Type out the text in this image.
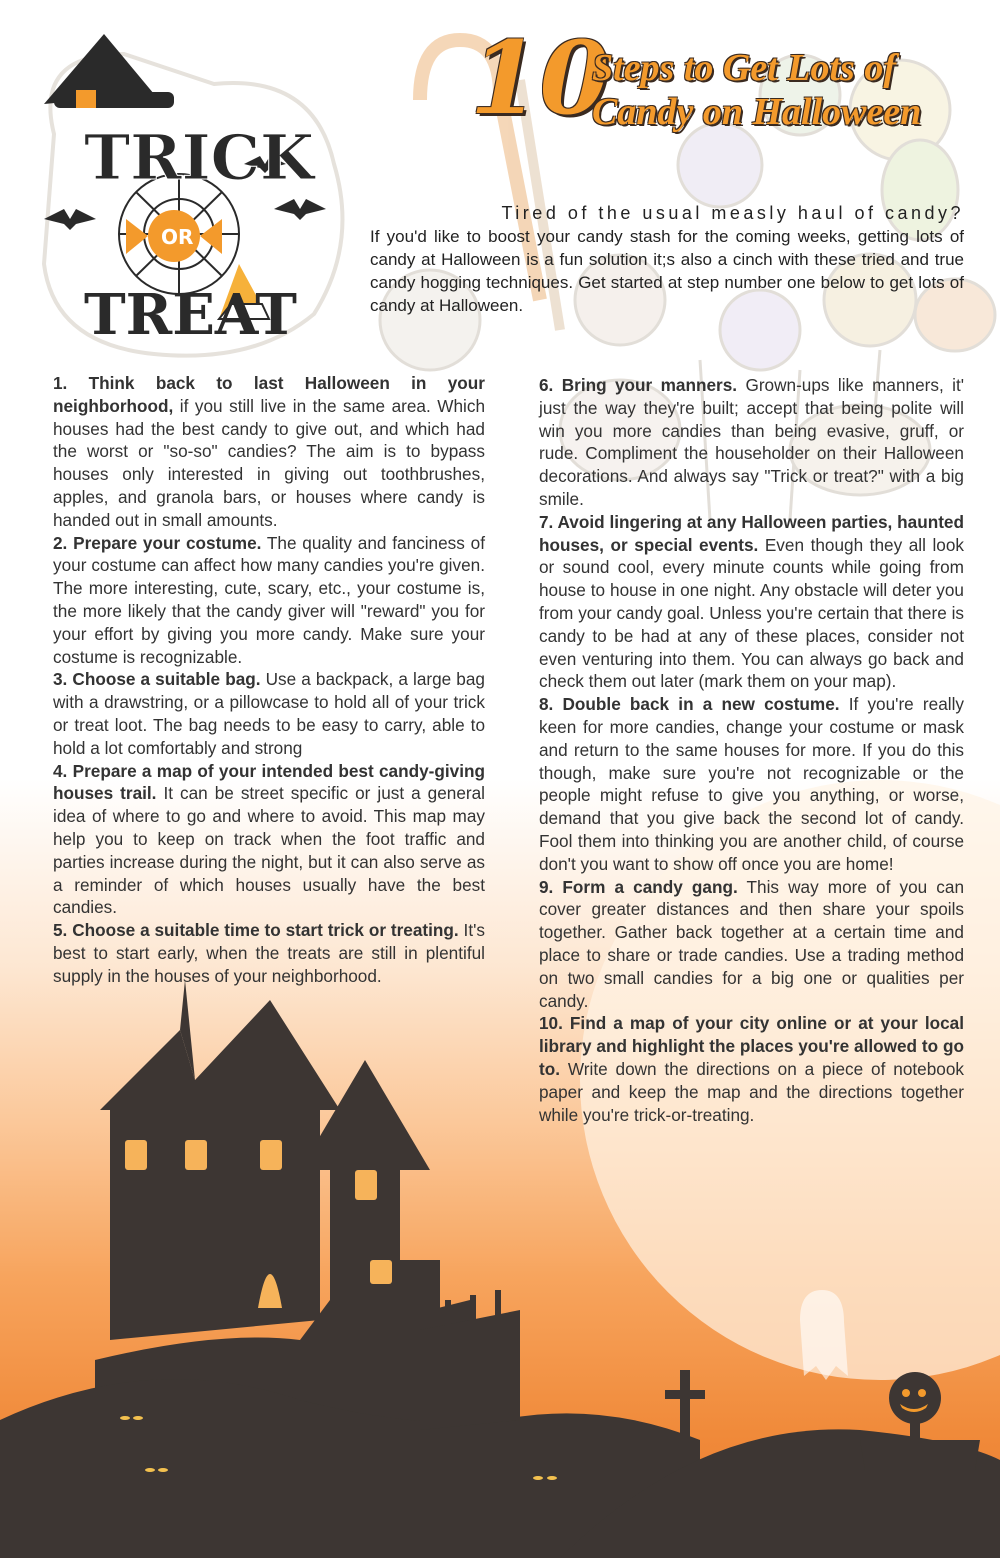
TRICK
OR
TREAT
10
Steps to Get Lots of
Candy on Halloween
Tired of the usual measly haul of candy?
If you'd like to boost your candy stash for the coming weeks, getting lots of candy at Halloween is a fun solution it;s also a cinch with these tried and true candy hogging techniques. Get started at step number one below to get lots of candy at Halloween.

1. Think back to last Halloween in your neighborhood, if you still live in the same area. Which houses had the best candy to give out, and which had the worst or "so-so" candies? The aim is to bypass houses only interested in giving out toothbrushes, apples, and granola bars, or houses where candy is handed out in small amounts.

2. Prepare your costume. The quality and fanciness of your costume can affect how many candies you're given. The more interesting, cute, scary, etc., your costume is, the more likely that the candy giver will "reward" you for your effort by giving you more candy. Make sure your costume is recognizable.

3. Choose a suitable bag. Use a backpack, a large bag with a drawstring, or a pillowcase to hold all of your trick or treat loot. The bag needs to be easy to carry, able to hold a lot comfortably and strong

4. Prepare a map of your intended best candy-giving houses trail. It can be street specific or just a general idea of where to go and where to avoid. This map may help you to keep on track when the foot traffic and parties increase during the night, but it can also serve as a reminder of which houses usually have the best candies.

5. Choose a suitable time to start trick or treating. It's best to start early, when the treats are still in plentiful supply in the houses of your neighborhood.

6. Bring your manners. Grown-ups like manners, it' just the way they're built; accept that being polite will win you more candies than being evasive, gruff, or rude. Compliment the householder on their Halloween decorations. And always say "Trick or treat?" with a big smile.

7. Avoid lingering at any Halloween parties, haunted houses, or special events. Even though they all look or sound cool, every minute counts while going from house to house in one night. Any obstacle will deter you from your candy goal. Unless you're certain that there is candy to be had at any of these places, consider not even venturing into them. You can always go back and check them out later (mark them on your map).

8. Double back in a new costume. If you're really keen for more candies, change your costume or mask and return to the same houses for more. If you do this though, make sure you're not recognizable or the people might refuse to give you anything, or worse, demand that you give back the second lot of candy. Fool them into thinking you are another child, of course don't you want to show off once you are home!

9. Form a candy gang. This way more of you can cover greater distances and then share your spoils together. Gather back together at a certain time and place to share or trade candies. Use a trading method on two small candies for a big one or qualities per candy.

10. Find a map of your city online or at your local library and highlight the places you're allowed to go to. Write down the directions on a piece of notebook paper and keep the map and the directions together while you're trick-or-treating.
